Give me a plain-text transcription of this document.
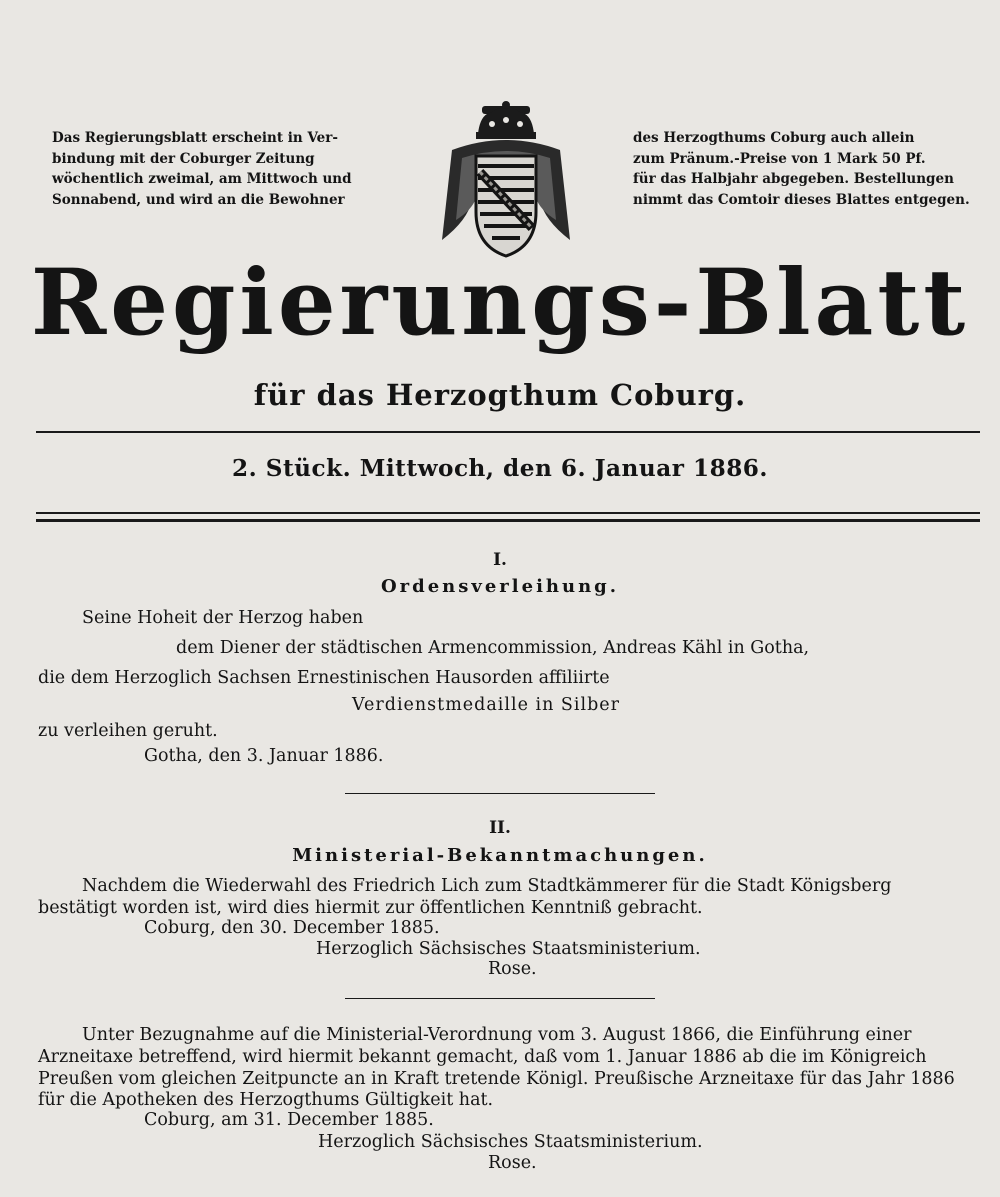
Das Regierungsblatt erscheint in Ver-

bindung mit der Coburger Zeitung

wöchentlich zweimal, am Mittwoch und

Sonnabend, und wird an die Bewohner

des Herzogthums Coburg auch allein

zum Pränum.-Preise von 1 Mark 50 Pf.

für das Halbjahr abgegeben. Bestellungen

nimmt das Comtoir dieses Blattes entgegen.

Regierungs-Blatt
für das Herzogthum Coburg.
2. Stück. Mittwoch, den 6. Januar 1886.
I.
Ordensverleihung.
Seine Hoheit der Herzog haben
dem Diener der städtischen Armencommission, Andreas Kähl in Gotha,
die dem Herzoglich Sachsen Ernestinischen Hausorden affiliirte
Verdienstmedaille in Silber
zu verleihen geruht.
Gotha, den 3. Januar 1886.
II.
Ministerial-Bekanntmachungen.
Nachdem die Wiederwahl des Friedrich Lich zum Stadtkämmerer für die Stadt Königsberg
bestätigt worden ist, wird dies hiermit zur öffentlichen Kenntniß gebracht.
Coburg, den 30. December 1885.
Herzoglich Sächsisches Staatsministerium.
Rose.
Unter Bezugnahme auf die Ministerial-Verordnung vom 3. August 1866, die Einführung einer
Arzneitaxe betreffend, wird hiermit bekannt gemacht, daß vom 1. Januar 1886 ab die im Königreich
Preußen vom gleichen Zeitpuncte an in Kraft tretende Königl. Preußische Arzneitaxe für das Jahr 1886
für die Apotheken des Herzogthums Gültigkeit hat.
Coburg, am 31. December 1885.
Herzoglich Sächsisches Staatsministerium.
Rose.
